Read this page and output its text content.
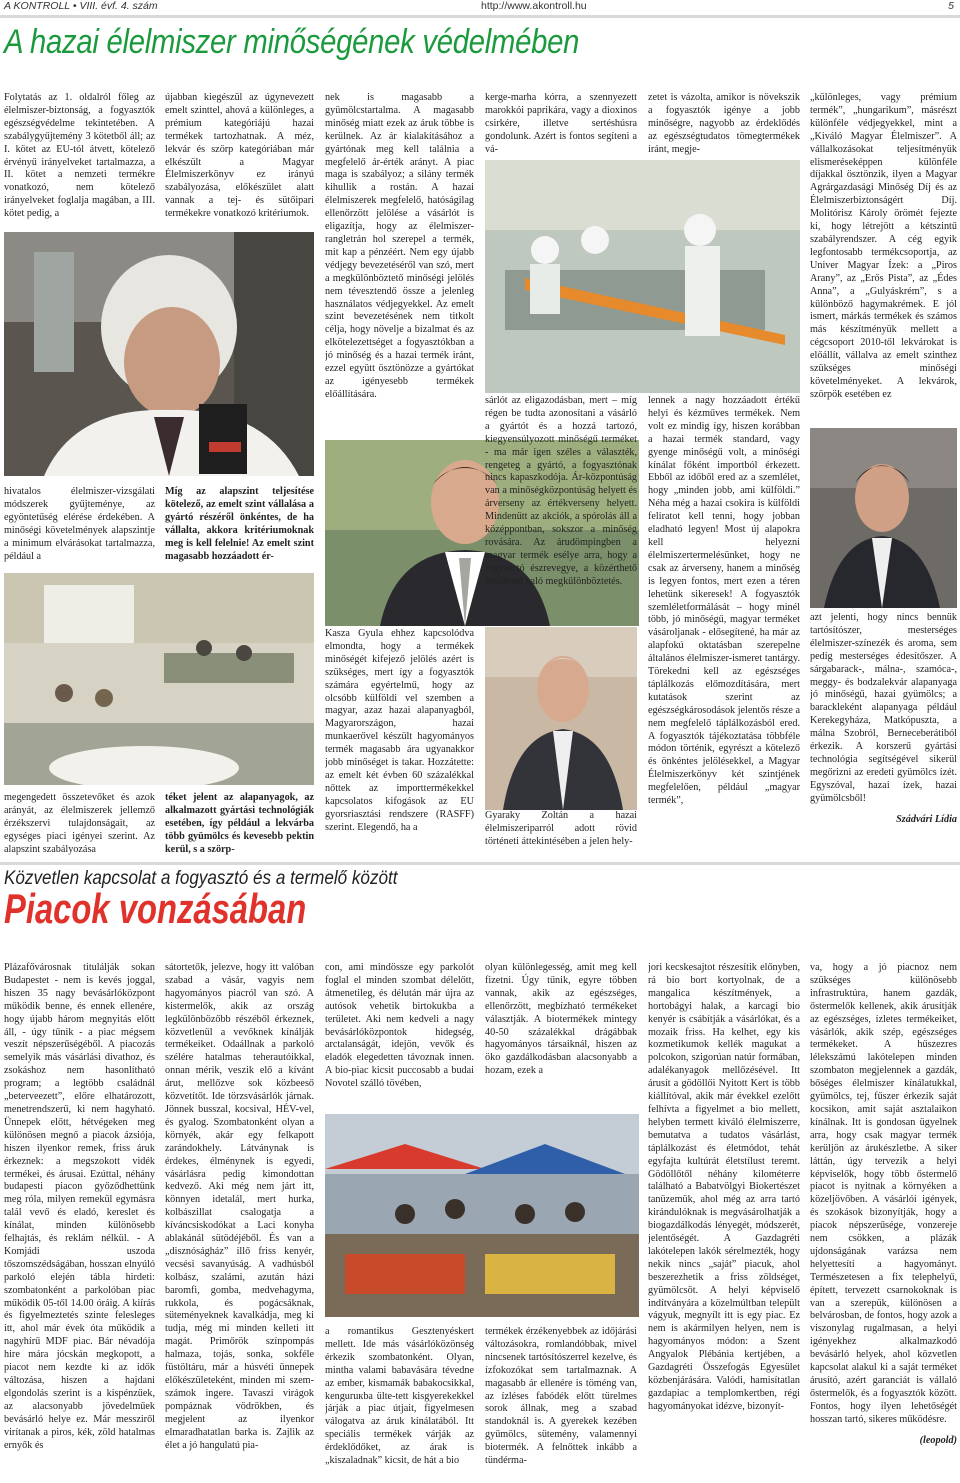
A KONTROLL • VIII. évf. 4. szám	http://www.akontroll.hu	5
A hazai élelmiszer minőségének védelmében

Folytatás az 1. oldalról főleg az élelmiszer-biztonság, a fogyasztók egészségvédelme tekintetében. A szabálygyűjtemény 3 kötetből áll; az I. kötet az EU-tól átvett, kötelező érvényű irányelveket tartalmazza, a II. kötet a nemzeti termékre vonatkozó, nem kötelező irányelveket foglalja magában, a III. kötet pedig, a

hivatalos élelmiszer-vizsgálati módszerek gyűjteménye, az egyöntetűség elérése érdekében. A minőségi követelmények alapszintje a minimum elvárásokat tartalmazza, például a

megengedett összetevőket és azok arányát, az élelmiszerek jellemző érzékszervi tulajdonságait, az egységes piaci igényei szerint. Az alapszint szabályozása

újabban kiegészül az úgynevezett emelt szinttel, ahová a különleges, a prémium kategóriájú hazai termékek tartozhatnak. A méz, lekvár és szörp kategóriában már elkészült a Magyar Élelmiszerkönyv ez irányú szabályozása, előkészület alatt vannak a tej- és sütőipari termékekre vonatkozó kritériumok.

Míg az alapszint teljesítése kötelező, az emelt szint vállalása a gyártó részéről önkéntes, de ha vállalta, akkora kritériumoknak meg is kell felelnie! Az emelt szint magasabb hozzáadott ér-

téket jelent az alapanyagok, az alkalmazott gyártási technológiák esetében, így például a lekvárba több gyümölcs és kevesebb pektin kerül, s a szörp-

nek is magasabb a gyümölcstartalma. A magasabb minőség miatt ezek az áruk többe is kerülnek. Az ár kialakításához a gyártónak meg kell találnia a megfelelő ár-érték arányt. A piac maga is szabályoz; a silány termék kihullik a rostán. A hazai élelmiszerek megfelelő, hatóságilag ellenőrzött jelölése a vásárlót is eligazítja, hogy az élelmiszer-rangletrán hol szerepel a termék, mit kap a pénzéért. Nem egy újabb védjegy bevezetéséről van szó, mert a megkülönböztető minőségi jelölés nem tévesztendő össze a jelenleg használatos védjegyekkel. Az emelt szint bevezetésének nem titkolt célja, hogy növelje a bizalmat és az elkötelezettséget a fogyasztókban a jó minőség és a hazai termék iránt, ezzel együtt ösztönözze a gyártókat az igényesebb termékek előállítására.

Kasza Gyula ehhez kapcsolódva elmondta, hogy a termékek minőségét kifejező jelölés azért is szükséges, mert így a fogyasztók számára egyértelmű, hogy az olcsóbb külföldi vel szemben a magyar, azaz hazai alapanyagból, Magyarországon, hazai munkaerővel készült hagyományos termék magasabb ára ugyanakkor jobb minőséget is takar. Hozzátette: az emelt két évben 60 százalékkal nőttek az importtermékekkel kapcsolatos kifogások az EU gyorsriasztási rendszere (RASFF) szerint. Elegendő, ha a

kerge-marha kórra, a szennyezett marokkói paprikára, vagy a dioxinos csirkére, illetve sertéshúsra gondolunk. Azért is fontos segíteni a vá-

sárlót az eligazodásban, mert – míg régen be tudta azonosítani a vásárló a gyártót és a hozzá tartozó, kiegyensúlyozott minőségű terméket - ma már igen széles a választék, rengeteg a gyártó, a fogyasztónak nincs kapaszkodója. Ár-központúság van a minőségközpontúság helyett és árverseny az értékverseny helyett. Mindenütt az akciók, a spórolás áll a középpontban, sokszor a minőség rovására. Az árudömpingben a magyar termék esélye arra, hogy a fogyasztó észrevegye, a közérthető jelöléssel való megkülönböztetés.

Gyaraky Zoltán a hazai élelmiszeriparról adott rövid történeti áttekintésében a jelen hely-

zetet is vázolta, amikor is növekszik a fogyasztók igénye a jobb minőségre, nagyobb az érdeklődés az egészségtudatos tömegtermékek iránt, megje-

lennek a nagy hozzáadott értékű helyi és kézműves termékek. Nem volt ez mindig így, hiszen korábban a hazai termék standard, vagy gyenge minőségű volt, a minőségi kínálat főként importból érkezett. Ebből az időből ered az a szemlélet, hogy „minden jobb, ami külföldi.” Néha még a hazai csokira is külföldi feliratot kell tenni, hogy jobban eladható legyen! Most új alapokra kell helyezni élelmiszertermelésünket, hogy ne csak az árverseny, hanem a minőség is legyen fontos, mert ezen a téren lehetünk sikeresek! A fogyasztók szemléletformálását – hogy minél több, jó minőségű, magyar terméket vásároljanak - elősegítené, ha már az alapfokú oktatásban szerepelne általános élelmiszer-ismeret tantárgy. Törekedni kell az egészséges táplálkozás előmozdítására, mert kutatások szerint az egészségkárosodások jelentős része a nem megfelelő táplálkozásból ered. A fogyasztók tájékoztatása többféle módon történik, egyrészt a kötelező és önkéntes jelölésekkel, a Magyar Élelmiszerkönyv két szintjének megfelelően, például „magyar termék”,

„különleges, vagy prémium termék”, „hungarikum”, másrészt különféle védjegyekkel, mint a „Kiváló Magyar Élelmiszer”. A vállalkozásokat teljesítményük elismeréseképpen különféle díjakkal ösztönzik, ilyen a Magyar Agrárgazdasági Minőség Díj és az Élelmiszerbiztonságért Díj. Molitórisz Károly örömét fejezte ki, hogy létrejött a kétszintű szabályrendszer. A cég egyik legfontosabb termékcsoportja, az Univer Magyar Ízek: a „Piros Arany”, az „Erős Pista”, az „Édes Anna”, a „Gulyáskrém”, s a különböző hagymakrémek. E jól ismert, márkás termékek és számos más készítményük mellett a cégcsoport 2010-től lekvárokat is előállít, vállalva az emelt szinthez szükséges minőségi követelményeket. A lekvárok, szörpök esetében ez

azt jelenti, hogy nincs bennük tartósítószer, mesterséges élelmiszer-színezék és aroma, sem pedig mesterséges édesítőszer. A sárgabarack-, málna-, szamóca-, meggy- és bodzalekvár alapanyaga jó minőségű, hazai gyümölcs; a barackleként alapanyaga például Kerekegyháza, Matkópuszta, a málna Szobról, Berneceberátiból érkezik. A korszerű gyártási technológia segítségével sikerül megőrizni az eredeti gyümölcs ízét. Egyszóval, hazai ízek, hazai gyümölcsből!

Szádvári Lídia

Közvetlen kapcsolat a fogyasztó és a termelő között
Piacok vonzásában

Plázafővárosnak titulálják sokan Budapestet - nem is kevés joggal, hiszen 35 nagy bevásárlóközpont működik benne, és ennek ellenére, hogy újabb három megnyitás előtt áll, - úgy tűnik - a piac mégsem veszít népszerűségéből. A piacozás semelyik más vásárlási divathoz, és zsokáshoz nem hasonlítható program; a legtöbb családnál „beterveezett”, előre elhatározott, menetrendszerű, ki nem hagyható. Ünnepek előtt, hétvégeken meg különösen megnő a piacok ázsiója, hiszen ilyenkor remek, friss áruk érkeznek: a megszokott vidék termékei, és árusai. Ezúttal, néhány budapesti piacon győződhettünk meg róla, milyen remekül egymásra talál vevő és eladó, kereslet és kínálat, minden különösebb felhajtás, és reklám nélkül. - A Komjádi uszoda tőszomszédságában, hosszan elnyúló parkoló elején tábla hirdeti: szombatonként a parkolóban piac működik 05-től 14.00 óráig. A kiírás és figyelmeztetés szinte feleslеges itt, ahol már évek óta működik a nagyhírű MDF piac. Bár névadója hire mára jócskán megkopott, a piacot nem kezdte ki az idők változása, hiszen a hajdani elgondolás szerint is a kispénzűek, az alacsonyabb jövedelműek bevásárló helye ez. Már messziről virítanak a piros, kék, zöld hatalmas ernyők és

sátortetők, jelezve, hogy itt valóban szabad a vásár, vagyis nem hagyományos piacról van szó. A kistermelők, akik az ország legkülönbözőbb részéből érkeznek, közvetlenül a vevőknek kínálják termékeiket. Odaállnak a parkoló szélére hatalmas teherautóikkal, onnan mérik, veszik elő a kívánt árut, mellőzve sok közbeeső közvetítőt. Ide törzsvásárlók járnak. Jönnek busszal, kocsival, HÉV-vel, és gyalog. Szombatonként olyan a környék, akár egy felkapott zarándokhely. Látványnak is érdekes, élménynek is egyedi, vásárlásra pedig kimondottan kedvező. Aki még nem járt itt, könnyen idetalál, mert hurka, kolbászillat csalogatja a kívánсsiskodókat a Laci konyha ablakánál sütödéjéből. És van a „disznóságház” illő friss kenyér, vecsési savanyúság. A vadhúsból kolbász, szalámi, azután házi baromfi, gomba, medvehagyma, rukkola, és pogácsáknak, süteményeknek kavalkádja, meg ki tudja, még mi minden kelleti itt magát. Primőrök színpompás halmaza, tojás, sonka, sokféle füstöltáru, már a húsvéti ünnepek előkészületeként, minden mi szem- számok ingere. Tavaszi virágok pompáznak vödrökben, és megjelent az ilyenkor elmaradhatatlan barka is. Zajlik az élet a jó hangulatú pia-

con, ami mindössze egy parkolót foglal el minden szombat délelőtt, átmenetileg, és délután már újra az autósok vehetik birtokukba a területet. Aki nem kedveli a nagy bevásárlóközpontok hidegség, arctalanságát, idejön, vevők és eladók elegedetten távoznak innen. A bio-piac kicsit puccosabb a budai Novotel szálló tövében,

a romantikus Gesztenyéskert mellett. Ide más vásárlóközönség érkezik szombatonként. Olyan, mintha valami babavására tévedne az ember, kismamák babakocsikkal, kenguruкba ülte-tett kisgyerekekkel járják a piac útjait, figyelmesen válogatva az áruk kínálatából. Itt speciális termékek várják az érdeklődőket, az árak is „kiszaladnak” kicsit, de hát a bio

olyan különlegesség, amit meg kell fizetni. Úgy tűnik, egyre többen vannak, akik az egészséges, ellenőrzött, megbízható termékeket választják. A biotermékek mintegy 40-50 százalékkal drágábbak hagyományos társaiknál, hiszen az öko gazdálkodásban alacsonyabb a hozam, ezek a

termékek érzékenyebbek az időjárási változásokra, romlandóbbak, mivel nincsenek tartósítószerrel kezelve, és ízfokozókat sem tartalmaznak. A magasabb ár ellenére is töméng van, az ízléses fabódék előtt türelmes sorok állnak, meg a szabad standoknál is. A gyerekek kezében gyümölcs, sütemény, valamennyi biotermék. A felnőttek inkább a tündérma-

jori kecskesajtot részesítik előnyben, rá bio bort kortyolnak, de a mangalica készítmények, a hortobágyi halak, a karcagi bio kenyér is csábítják a vásárlókat, és a mozaik friss. Ha kelhet, egy kis kozmetikumok kellék magukat a polcokon, szigorúan natúr formában, adalékanyagok mellőzésével. Itt árusít a gödöllői Nyitott Kert is több kiállítóval, akik már évekkel ezelőtt felhívta a figyelmet a bio mellett, helyben termett kiváló élelmiszerre, bemutatva a tudatos vásárlást, táplálkozást és életmódot, tehát egyfajta kultúrát életstílust teremt. Gödöllőtől néhány kilométerre található a Babatvölgyi Biokertészet tanüzemük, ahol még az arra tartó kirándulóknak is megvásárolhatják a biogazdálkodás lényegét, módszerét, jelentőségét. A Gazdagréti lakótelepen lakók sérelmezték, hogy nekik nincs „saját” piacuk, ahol beszerezhetik a friss zöldséget, gyümölcsöt. A helyi képviselő indítványára a közelmúltban települt vágyuk, megnyílt itt is egy piac. Ez nem is akármilyen helyen, nem is hagyományos módon: a Szent Angyalok Plébánia kertjében, a Gazdagréti Összefogás Egyesület közbenjárására. Valódi, hamisítatlan gazdapiac a templomkertben, régi hagyományokat idézve, bizonyít-

va, hogy a jó piacnoz nem szükséges különösebb infrastruktúra, hanem gazdák, őstermelők kellenek, akik árusítják az egészséges, ízletes termékeiket, vásárlók, akik szép, egészséges termékeket. A hűszezres lélekszámú lakótelepen minden szombaton megjelennek a gazdák, bőséges élelmiszer kínálatukkal, gyümölcs, tej, fűszer érkezik saját kocsikon, amit saját asztalaikon kínálnak. Itt is gondosan ügyelnek arra, hogy csak magyar termék kerüljön az árukészletbe. A siker láttán, úgy tervezik a helyi képviselők, hogy több őstermelő piacot is nyitnak a környéken a közeljövőben. A vásárlói igények, és szokások bizonyítják, hogy a piacok népszerűsége, vonzereje nem csökken, a plázák ujdonságának varázsa nem helyettesíti a hagyományt. Természetesen a fix telephelyű, épített, tervezett csarnokoknak is van a szerepük, különösen a belvárosban, de fontos, hogy azok a viszonylag rugalmasan, a helyi igényekhez alkalmazkodó bevásárló helyek, ahol közvetlen kapcsolat alakul ki a saját terméket árusító, azért garanciát is vállaló őstermelők, és a fogyasztók között. Fontos, hogy ilyen lehetőségét hosszan tartó, sikeres működésre.

(leopold)
